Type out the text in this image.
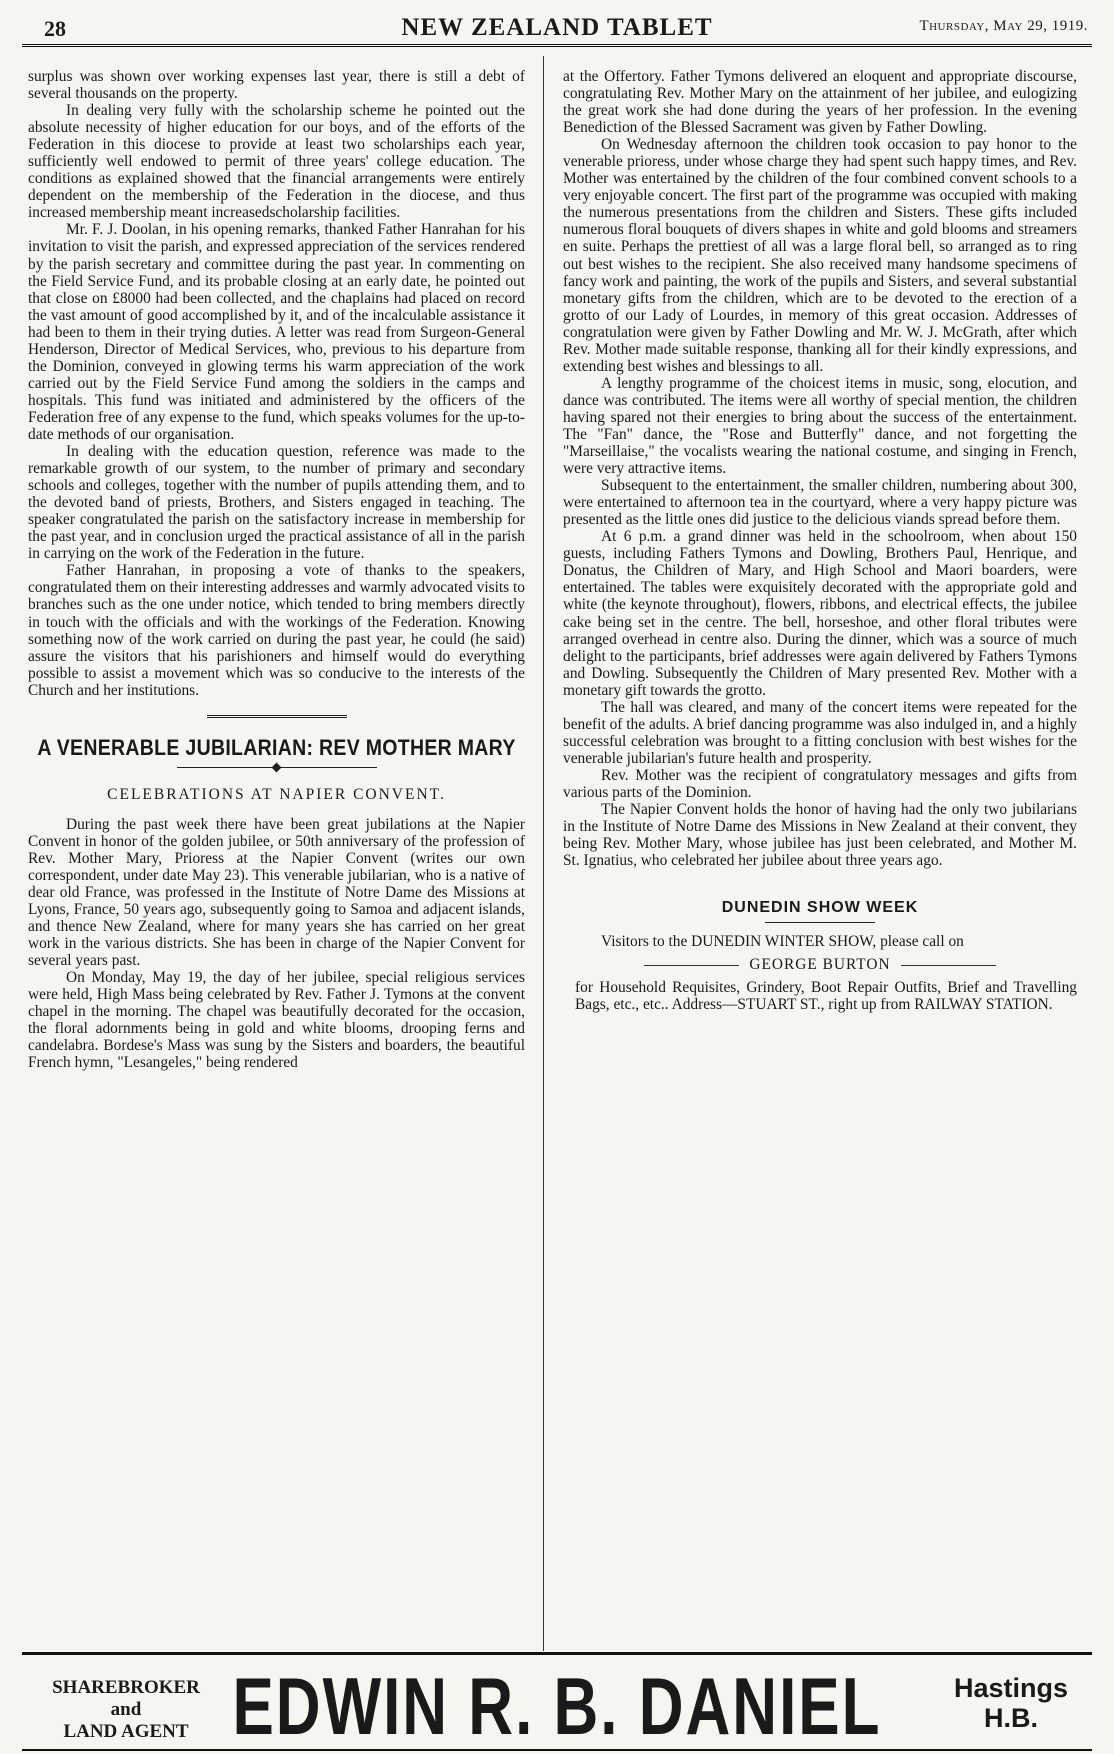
28	NEW ZEALAND TABLET	Thursday, May 29, 1919.

surplus was shown over working expenses last year, there is still a debt of several thousands on the property.

In dealing very fully with the scholarship scheme he pointed out the absolute necessity of higher education for our boys, and of the efforts of the Federation in this diocese to provide at least two scholarships each year, sufficiently well endowed to permit of three years' college education. The conditions as explained showed that the financial arrangements were entirely dependent on the membership of the Federation in the diocese, and thus increased membership meant increasedscholarship facilities.

Mr. F. J. Doolan, in his opening remarks, thanked Father Hanrahan for his invitation to visit the parish, and expressed appreciation of the services rendered by the parish secretary and committee during the past year. In commenting on the Field Service Fund, and its probable closing at an early date, he pointed out that close on £8000 had been collected, and the chaplains had placed on record the vast amount of good accomplished by it, and of the incalculable assistance it had been to them in their trying duties. A letter was read from Surgeon-General Henderson, Director of Medical Services, who, previous to his departure from the Dominion, conveyed in glowing terms his warm appreciation of the work carried out by the Field Service Fund among the soldiers in the camps and hospitals. This fund was initiated and administered by the officers of the Federation free of any expense to the fund, which speaks volumes for the up-to-date methods of our organisation.

In dealing with the education question, reference was made to the remarkable growth of our system, to the number of primary and secondary schools and colleges, together with the number of pupils attending them, and to the devoted band of priests, Brothers, and Sisters engaged in teaching. The speaker congratulated the parish on the satisfactory increase in membership for the past year, and in conclusion urged the practical assistance of all in the parish in carrying on the work of the Federation in the future.

Father Hanrahan, in proposing a vote of thanks to the speakers, congratulated them on their interesting addresses and warmly advocated visits to branches such as the one under notice, which tended to bring members directly in touch with the officials and with the workings of the Federation. Knowing something now of the work carried on during the past year, he could (he said) assure the visitors that his parishioners and himself would do everything possible to assist a movement which was so conducive to the interests of the Church and her institutions.

A VENERABLE JUBILARIAN: REV MOTHER MARY
CELEBRATIONS AT NAPIER CONVENT.

During the past week there have been great jubilations at the Napier Convent in honor of the golden jubilee, or 50th anniversary of the profession of Rev. Mother Mary, Prioress at the Napier Convent (writes our own correspondent, under date May 23). This venerable jubilarian, who is a native of dear old France, was professed in the Institute of Notre Dame des Missions at Lyons, France, 50 years ago, subsequently going to Samoa and adjacent islands, and thence New Zealand, where for many years she has carried on her great work in the various districts. She has been in charge of the Napier Convent for several years past.

On Monday, May 19, the day of her jubilee, special religious services were held, High Mass being celebrated by Rev. Father J. Tymons at the convent chapel in the morning. The chapel was beautifully decorated for the occasion, the floral adornments being in gold and white blooms, drooping ferns and candelabra. Bordese's Mass was sung by the Sisters and boarders, the beautiful French hymn, "Lesangeles," being rendered

at the Offertory. Father Tymons delivered an eloquent and appropriate discourse, congratulating Rev. Mother Mary on the attainment of her jubilee, and eulogizing the great work she had done during the years of her profession. In the evening Benediction of the Blessed Sacrament was given by Father Dowling.

On Wednesday afternoon the children took occasion to pay honor to the venerable prioress, under whose charge they had spent such happy times, and Rev. Mother was entertained by the children of the four combined convent schools to a very enjoyable concert. The first part of the programme was occupied with making the numerous presentations from the children and Sisters. These gifts included numerous floral bouquets of divers shapes in white and gold blooms and streamers en suite. Perhaps the prettiest of all was a large floral bell, so arranged as to ring out best wishes to the recipient. She also received many handsome specimens of fancy work and painting, the work of the pupils and Sisters, and several substantial monetary gifts from the children, which are to be devoted to the erection of a grotto of our Lady of Lourdes, in memory of this great occasion. Addresses of congratulation were given by Father Dowling and Mr. W. J. McGrath, after which Rev. Mother made suitable response, thanking all for their kindly expressions, and extending best wishes and blessings to all.

A lengthy programme of the choicest items in music, song, elocution, and dance was contributed. The items were all worthy of special mention, the children having spared not their energies to bring about the success of the entertainment. The "Fan" dance, the "Rose and Butterfly" dance, and not forgetting the "Marseillaise," the vocalists wearing the national costume, and singing in French, were very attractive items.

Subsequent to the entertainment, the smaller children, numbering about 300, were entertained to afternoon tea in the courtyard, where a very happy picture was presented as the little ones did justice to the delicious viands spread before them.

At 6 p.m. a grand dinner was held in the schoolroom, when about 150 guests, including Fathers Tymons and Dowling, Brothers Paul, Henrique, and Donatus, the Children of Mary, and High School and Maori boarders, were entertained. The tables were exquisitely decorated with the appropriate gold and white (the keynote throughout), flowers, ribbons, and electrical effects, the jubilee cake being set in the centre. The bell, horseshoe, and other floral tributes were arranged overhead in centre also. During the dinner, which was a source of much delight to the participants, brief addresses were again delivered by Fathers Tymons and Dowling. Subsequently the Children of Mary presented Rev. Mother with a monetary gift towards the grotto.

The hall was cleared, and many of the concert items were repeated for the benefit of the adults. A brief dancing programme was also indulged in, and a highly successful celebration was brought to a fitting conclusion with best wishes for the venerable jubilarian's future health and prosperity.

Rev. Mother was the recipient of congratulatory messages and gifts from various parts of the Dominion.

The Napier Convent holds the honor of having had the only two jubilarians in the Institute of Notre Dame des Missions in New Zealand at their convent, they being Rev. Mother Mary, whose jubilee has just been celebrated, and Mother M. St. Ignatius, who celebrated her jubilee about three years ago.

DUNEDIN SHOW WEEK

Visitors to the DUNEDIN WINTER SHOW, please call on

GEORGE BURTON

for Household Requisites, Grindery, Boot Repair Outfits, Brief and Travelling Bags, etc., etc.. Address—STUART ST., right up from RAILWAY STATION.

SHAREBROKER
and
LAND AGENT EDWIN R. B. DANIEL	Hastings
H.B.
